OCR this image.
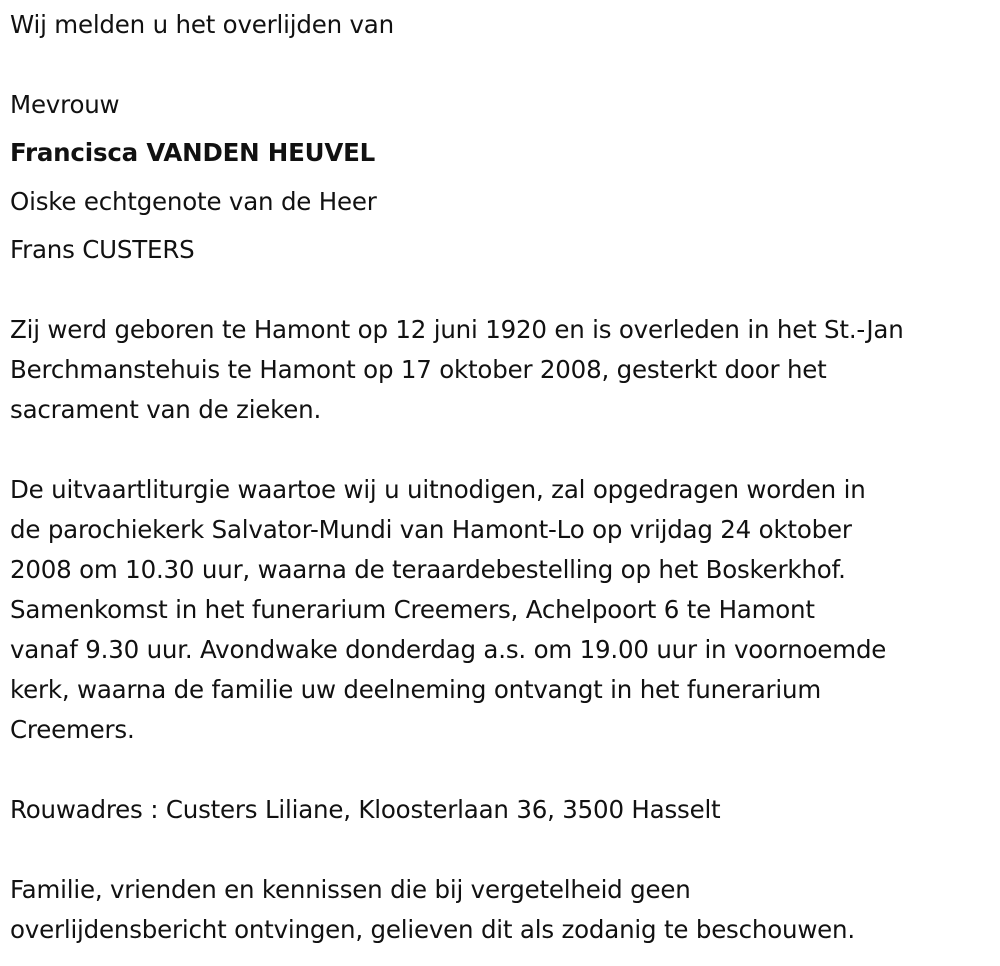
Wij melden u het overlijden van
Mevrouw
Francisca VANDEN HEUVEL
Oiske echtgenote van de Heer
Frans CUSTERS
Zij werd geboren te Hamont op 12 juni 1920 en is overleden in het St.-Jan
Berchmanstehuis te Hamont op 17 oktober 2008, gesterkt door het
sacrament van de zieken.
De uitvaartliturgie waartoe wij u uitnodigen, zal opgedragen worden in
de parochiekerk Salvator-Mundi van Hamont-Lo op vrijdag 24 oktober
2008 om 10.30 uur, waarna de teraardebestelling op het Boskerkhof.
Samenkomst in het funerarium Creemers, Achelpoort 6 te Hamont
vanaf 9.30 uur. Avondwake donderdag a.s. om 19.00 uur in voornoemde
kerk, waarna de familie uw deelneming ontvangt in het funerarium
Creemers.
Rouwadres : Custers Liliane, Kloosterlaan 36, 3500 Hasselt
Familie, vrienden en kennissen die bij vergetelheid geen
overlijdensbericht ontvingen, gelieven dit als zodanig te beschouwen.
